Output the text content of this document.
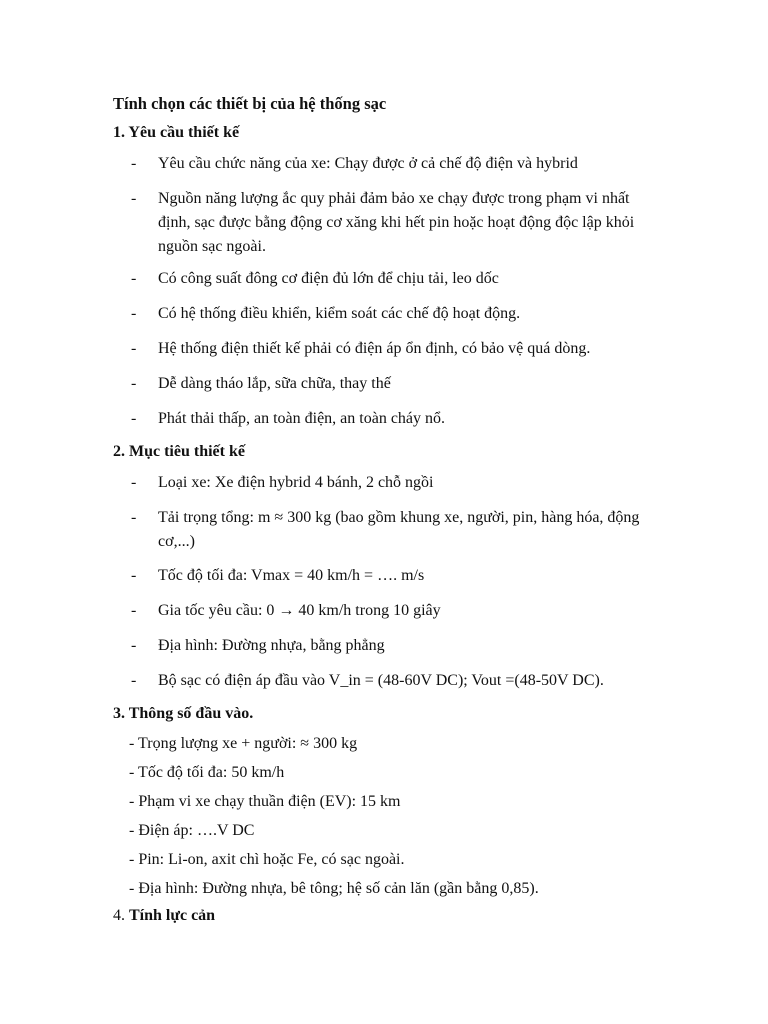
Tính chọn các thiết bị của hệ thống sạc
1. Yêu cầu thiết kế
- Yêu cầu chức năng của xe: Chạy được ở cả chế độ điện và hybrid
- Nguồn năng lượng ắc quy phải đảm bảo xe chạy được trong phạm vi nhất định, sạc được bằng động cơ xăng khi hết pin hoặc hoạt động độc lập khỏi nguồn sạc ngoài.
- Có công suất đông cơ điện đủ lớn để chịu tải, leo dốc
- Có hệ thống điều khiển, kiểm soát các chế độ hoạt động.
- Hệ thống điện thiết kế phải có điện áp ổn định, có bảo vệ quá dòng.
- Dễ dàng tháo lắp, sữa chữa, thay thế
- Phát thải thấp, an toàn điện, an toàn cháy nổ.
2. Mục tiêu thiết kế
- Loại xe: Xe điện hybrid 4 bánh, 2 chỗ ngồi
- Tải trọng tổng: m ≈ 300 kg (bao gồm khung xe, người, pin, hàng hóa, động cơ,...)
- Tốc độ tối đa: Vmax = 40 km/h = …. m/s
- Gia tốc yêu cầu: 0 → 40 km/h trong 10 giây
- Địa hình: Đường nhựa, bằng phẳng
- Bộ sạc có điện áp đầu vào V_in = (48-60V DC); Vout =(48-50V DC).
3. Thông số đầu vào.
- Trọng lượng xe + người: ≈ 300 kg
- Tốc độ tối đa: 50 km/h
- Phạm vi xe chạy thuần điện (EV): 15 km
- Điện áp: ….V DC
- Pin: Li-on, axit chì hoặc Fe, có sạc ngoài.
- Địa hình: Đường nhựa, bê tông; hệ số cản lăn (gần bằng 0,85).
4. Tính lực cản
